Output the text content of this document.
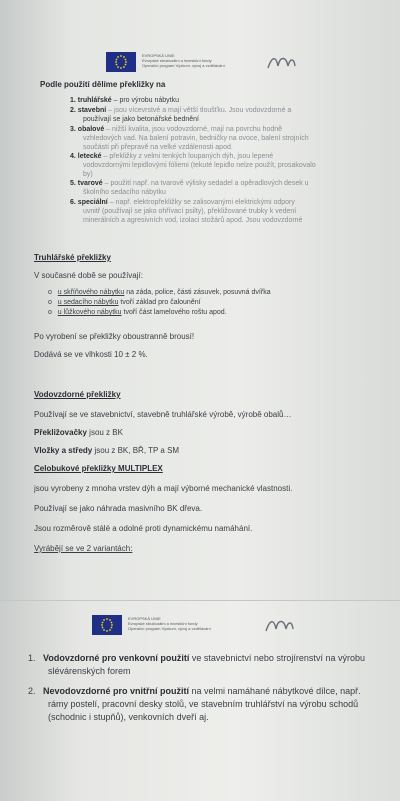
EVROPSKÁ UNIE
Evropské strukturální a investiční fondy
Operační program Výzkum, vývoj a vzdělávání
Podle použití dělíme překližky na
1. truhlářské – pro výrobu nábytku
2. stavební – jsou vícevrstvé a mají větší tloušťku. Jsou vodovzdorné a
používají se jako betonářské bednění
3. obalové – nižší kvalita, jsou vodovzdorné, mají na povrchu hodně
vzhledových vad. Na balení potravin, bedničky na ovoce, balení strojních
součástí při přepravě na velké vzdálenosti apod.
4. letecké – překližky z velmi tenkých loupaných dýh, jsou lepené
vodovzdornými lepidlovými fóliemi (tekuté lepidlo nelze použít, prosakovalo
by)
5. tvarové – použití např. na tvarově výlisky sedadel a opěradlových desek u
školního sedacího nábytku
6. speciální – např. elektropřekližky se zalisovanými elektrickými odpory
uvnitř (používají se jako ohřívací psilty), překližované trubky k vedení
minerálních a agresivních vod, izolaci stožárů apod. Jsou vodovzdorné
Truhlářské překližky
V současné době se používají:
o   u skříňového nábytku na záda, police, části zásuvek, posuvná dvířka
o   u sedacího nábytku tvoří základ pro čalounění
o   u lůžkového nábytku tvoří část lamelového roštu apod.
Po vyrobení se překližky oboustranně brousí!
Dodává se ve vlhkosti 10 ± 2 %.
Vodovzdorné překližky
Používají se ve stavebnictví, stavebně truhlářské výrobě, výrobě obalů…
Překližovačky jsou z BK
Vložky a středy jsou z BK, BŘ, TP a SM
Celobukové překližky MULTIPLEX
jsou vyrobeny z mnoha vrstev dýh a mají výborné mechanické vlastnosti.
Používají se jako náhrada masivního BK dřeva.
Jsou rozměrově stálé a odolné proti dynamickému namáhání.
Vyrábějí se ve 2 variantách:
EVROPSKÁ UNIE
Evropské strukturální a investiční fondy
Operační program Výzkum, vývoj a vzdělávání
1. Vodovzdorné pro venkovní použití ve stavebnictví nebo strojírenství na výrobu
slévárenských forem
2. Nevodovzdorné pro vnitřní použití na velmi namáhané nábytkové dílce, např.
rámy postelí, pracovní desky stolů, ve stavebním truhlářství na výrobu schodů
(schodnic i stupňů), venkovních dveří aj.
